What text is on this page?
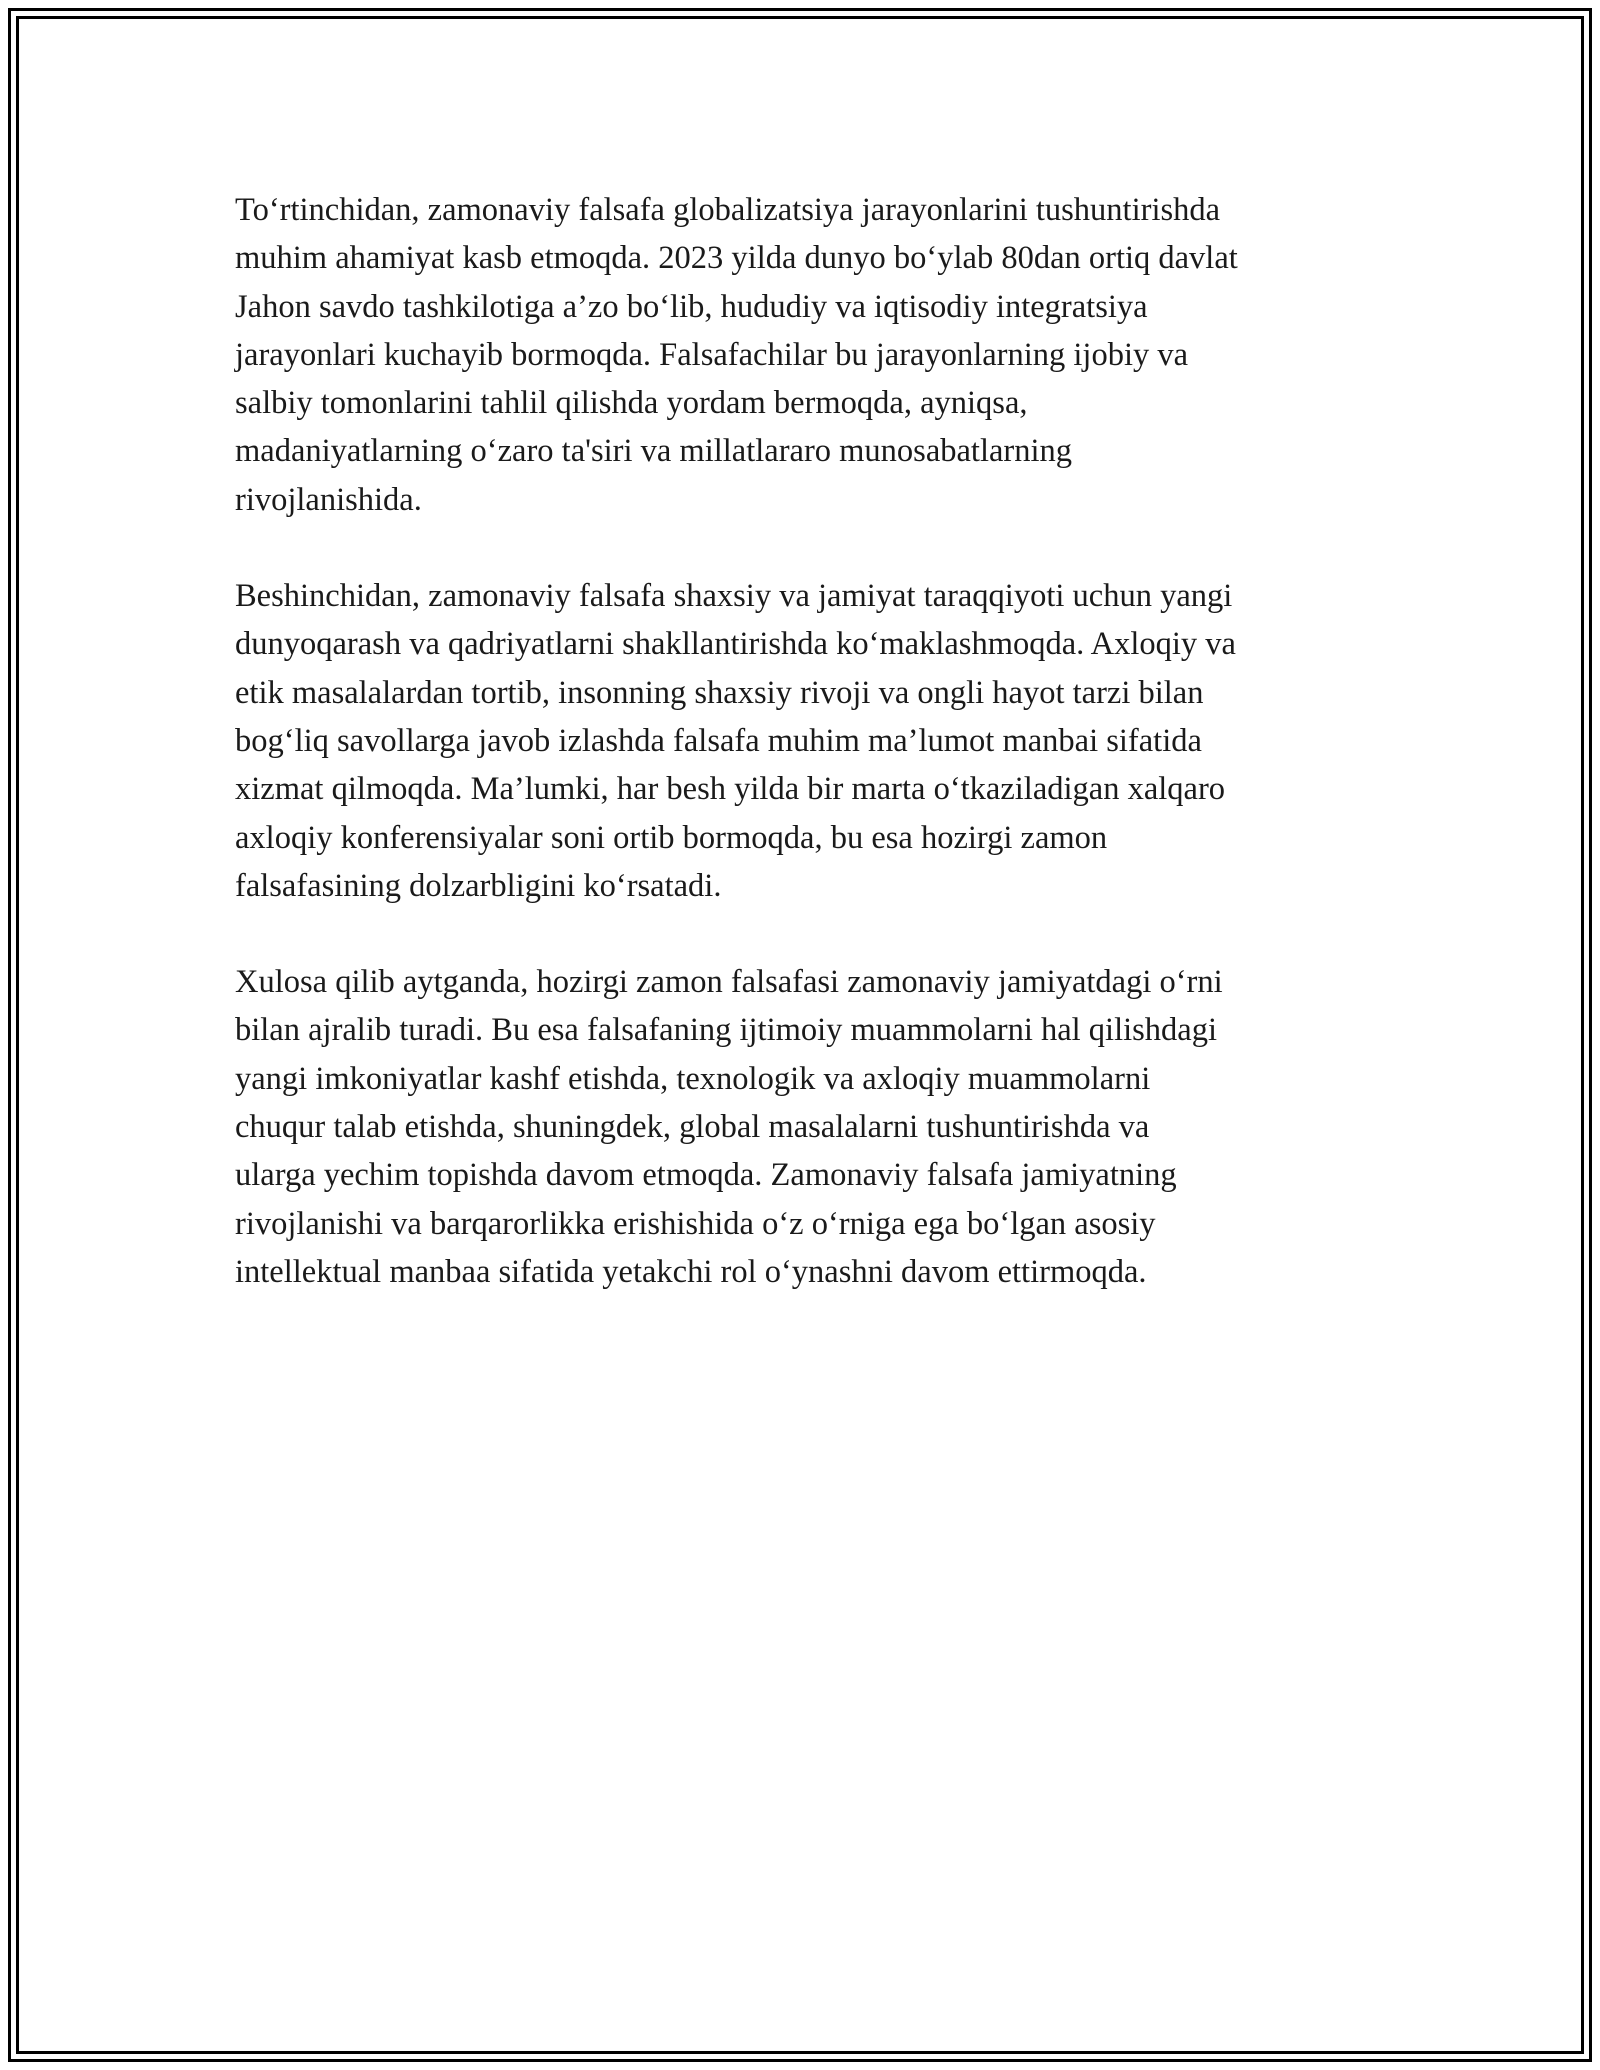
To‘rtinchidan, zamonaviy falsafa globalizatsiya jarayonlarini tushuntirishda
muhim ahamiyat kasb etmoqda. 2023 yilda dunyo bo‘ylab 80dan ortiq davlat
Jahon savdo tashkilotiga a’zo bo‘lib, hududiy va iqtisodiy integratsiya
jarayonlari kuchayib bormoqda. Falsafachilar bu jarayonlarning ijobiy va
salbiy tomonlarini tahlil qilishda yordam bermoqda, ayniqsa,
madaniyatlarning o‘zaro ta'siri va millatlararo munosabatlarning
rivojlanishida.

Beshinchidan, zamonaviy falsafa shaxsiy va jamiyat taraqqiyoti uchun yangi
dunyoqarash va qadriyatlarni shakllantirishda ko‘maklashmoqda. Axloqiy va
etik masalalardan tortib, insonning shaxsiy rivoji va ongli hayot tarzi bilan
bog‘liq savollarga javob izlashda falsafa muhim ma’lumot manbai sifatida
xizmat qilmoqda. Ma’lumki, har besh yilda bir marta o‘tkaziladigan xalqaro
axloqiy konferensiyalar soni ortib bormoqda, bu esa hozirgi zamon
falsafasining dolzarbligini ko‘rsatadi.

Xulosa qilib aytganda, hozirgi zamon falsafasi zamonaviy jamiyatdagi o‘rni
bilan ajralib turadi. Bu esa falsafaning ijtimoiy muammolarni hal qilishdagi
yangi imkoniyatlar kashf etishda, texnologik va axloqiy muammolarni
chuqur talab etishda, shuningdek, global masalalarni tushuntirishda va
ularga yechim topishda davom etmoqda. Zamonaviy falsafa jamiyatning
rivojlanishi va barqarorlikka erishishida o‘z o‘rniga ega bo‘lgan asosiy
intellektual manbaa sifatida yetakchi rol o‘ynashni davom ettirmoqda.
